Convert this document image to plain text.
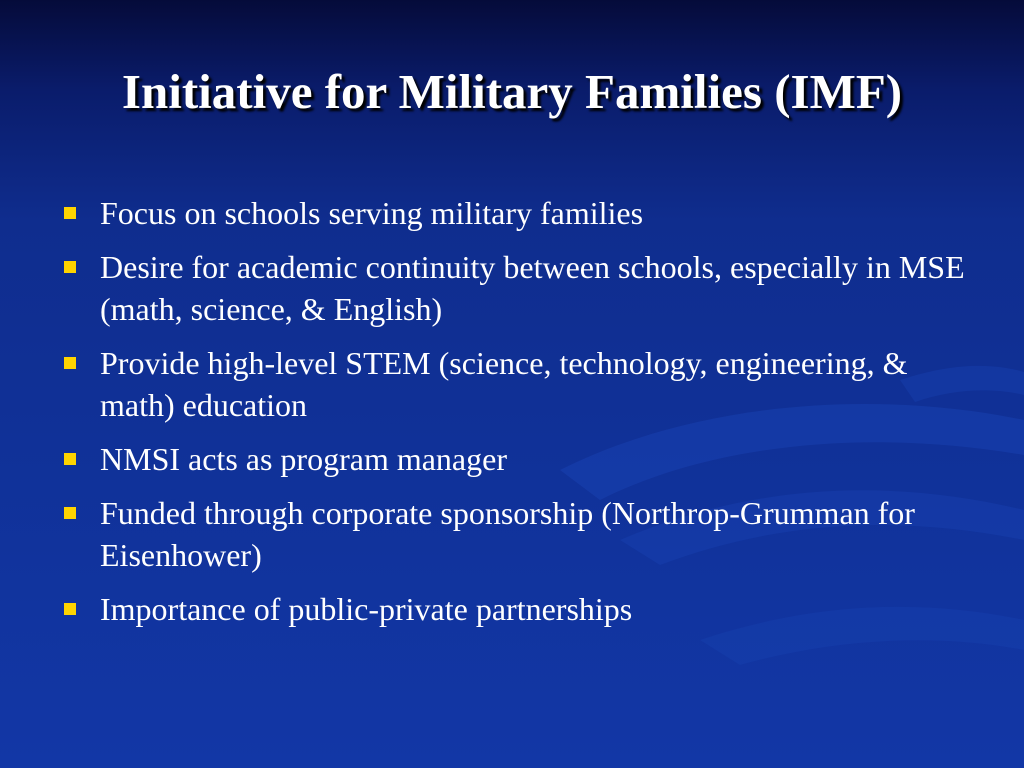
Initiative for Military Families (IMF)
Focus on schools serving military families
Desire for academic continuity between schools, especially in MSE (math, science, & English)
Provide high-level STEM (science, technology, engineering, & math) education
NMSI acts as program manager
Funded through corporate sponsorship (Northrop-Grumman for Eisenhower)
Importance of public-private partnerships
